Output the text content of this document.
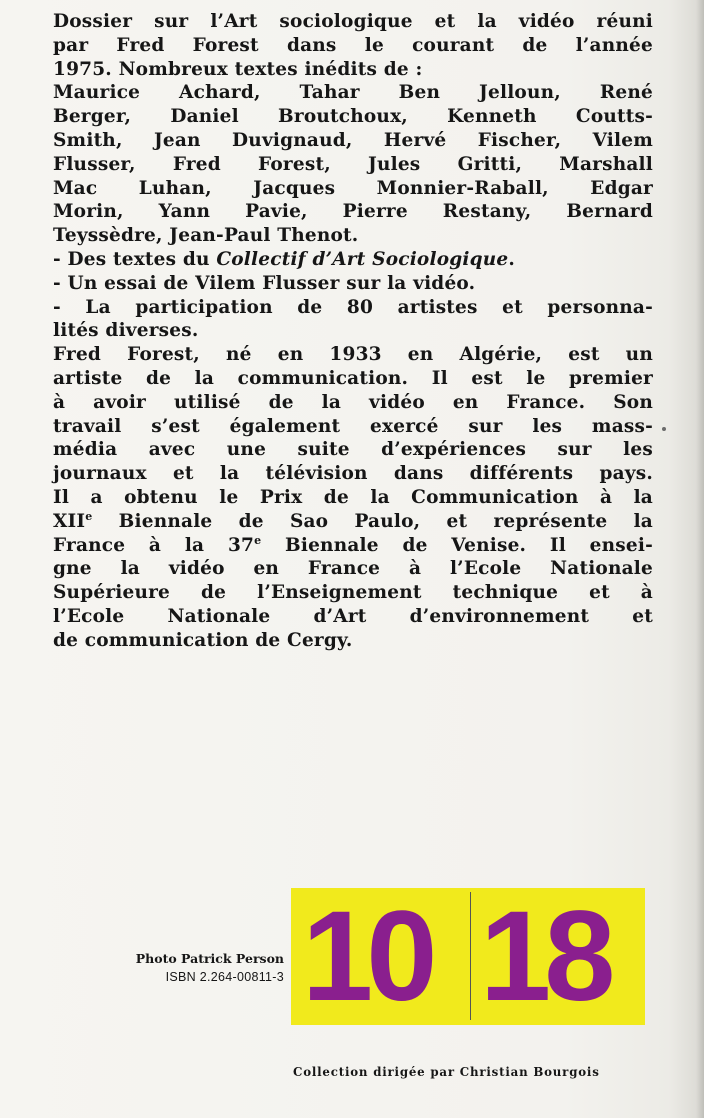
Dossier sur l’Art sociologique et la vidéo réuni
par Fred Forest dans le courant de l’année
1975. Nombreux textes inédits de :
Maurice Achard, Tahar Ben Jelloun, René
Berger, Daniel Broutchoux, Kenneth Coutts-
Smith, Jean Duvignaud, Hervé Fischer, Vilem
Flusser, Fred Forest, Jules Gritti, Marshall
Mac Luhan, Jacques Monnier-Raball, Edgar
Morin, Yann Pavie, Pierre Restany, Bernard
Teyssèdre, Jean-Paul Thenot.

- Des textes du Collectif d’Art Sociologique.

- Un essai de Vilem Flusser sur la vidéo.

- La participation de 80 artistes et personna-
lités diverses.

Fred Forest, né en 1933 en Algérie, est un
artiste de la communication. Il est le premier
à avoir utilisé de la vidéo en France. Son
travail s’est également exercé sur les mass-
média avec une suite d’expériences sur les
journaux et la télévision dans différents pays.
Il a obtenu le Prix de la Communication à la
XIIe Biennale de Sao Paulo, et représente la
France à la 37e Biennale de Venise. Il ensei-
gne la vidéo en France à l’Ecole Nationale
Supérieure de l’Enseignement technique et à
l’Ecole Nationale d’Art d’environnement et
de communication de Cergy.

Photo Patrick Person
ISBN 2.264-00811-3 10 18
Collection dirigée par Christian Bourgois
